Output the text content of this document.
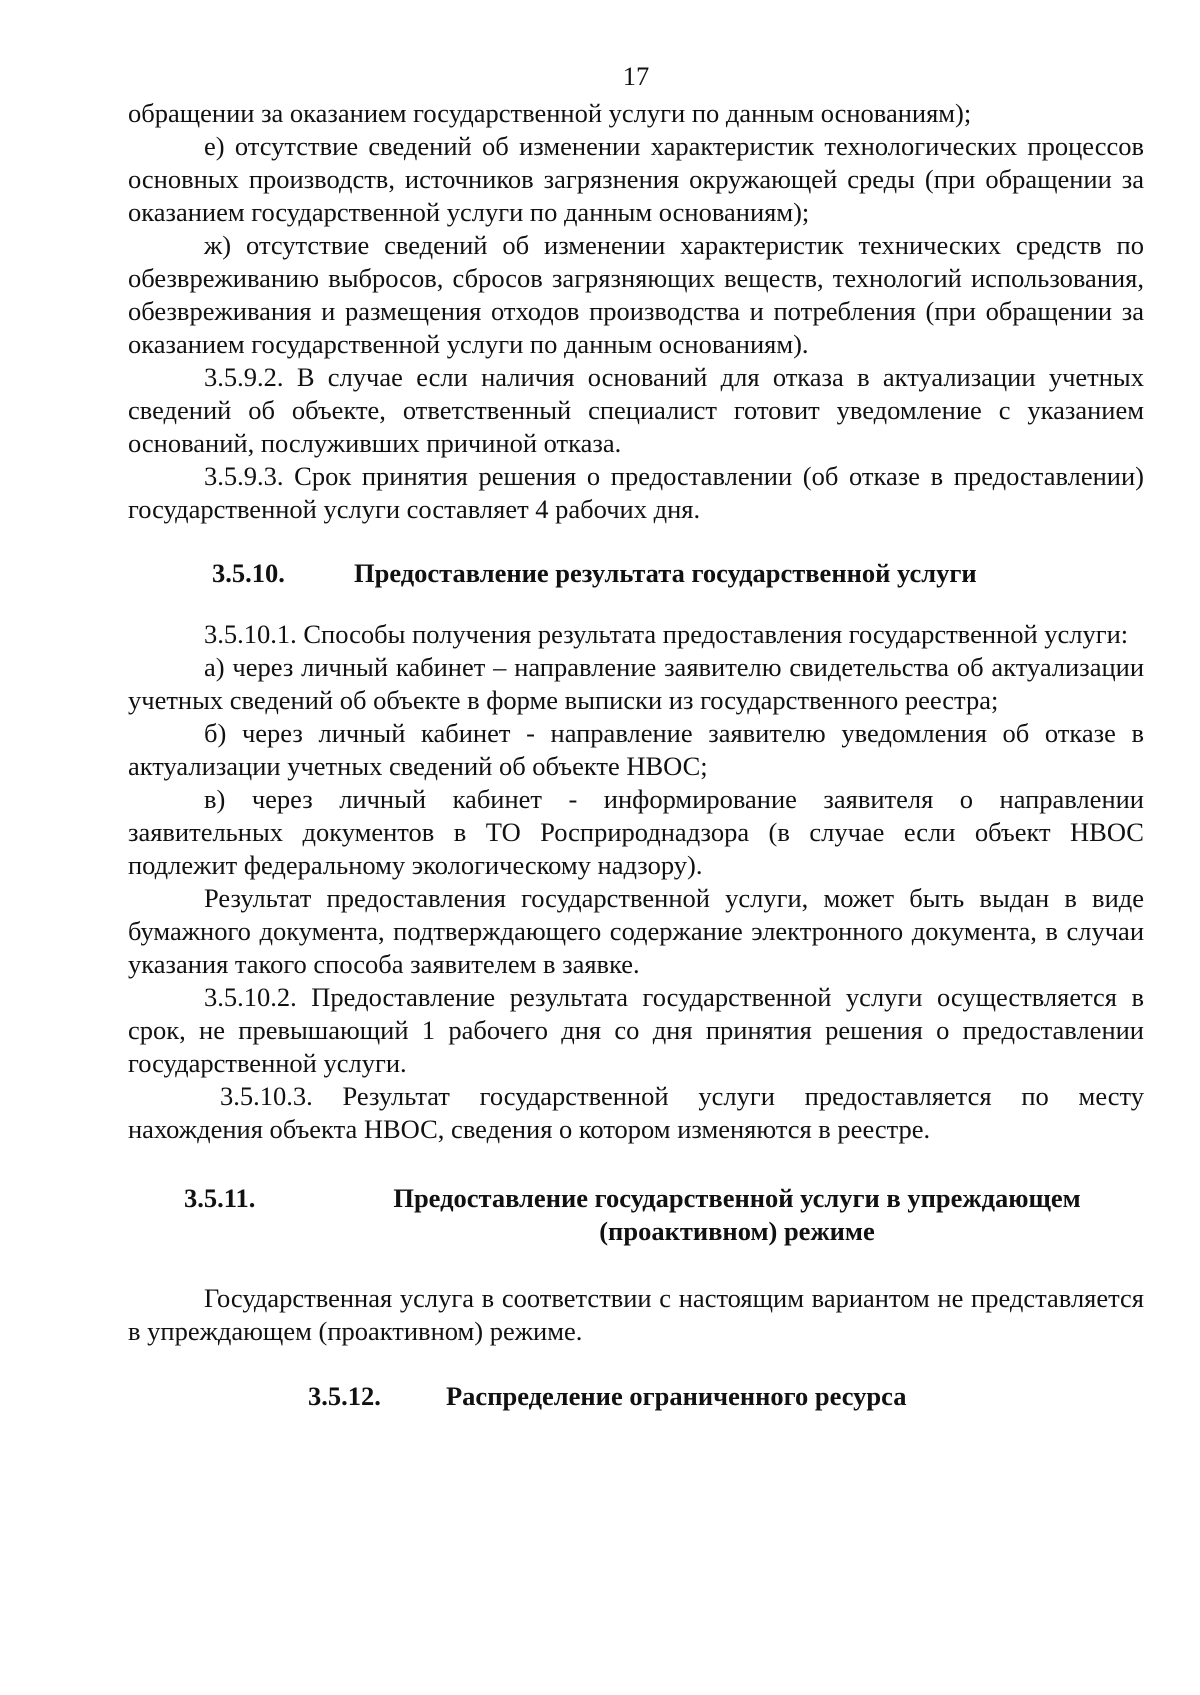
17

обращении за оказанием государственной услуги по данным основаниям);

е) отсутствие сведений об изменении характеристик технологических процессов основных производств, источников загрязнения окружающей среды (при обращении за оказанием государственной услуги по данным основаниям);

ж) отсутствие сведений об изменении характеристик технических средств по обезвреживанию выбросов, сбросов загрязняющих веществ, технологий использования, обезвреживания и размещения отходов производства и потребления (при обращении за оказанием государственной услуги по данным основаниям).

3.5.9.2. В случае если наличия оснований для отказа в актуализации учетных сведений об объекте, ответственный специалист готовит уведомление с указанием оснований, послуживших причиной отказа.

3.5.9.3. Срок принятия решения о предоставлении (об отказе в предоставлении) государственной услуги составляет 4 рабочих дня.

3.5.10.	Предоставление результата государственной услуги

3.5.10.1. Способы получения результата предоставления государственной услуги:

а) через личный кабинет – направление заявителю свидетельства об актуализации учетных сведений об объекте в форме выписки из государственного реестра;

б) через личный кабинет - направление заявителю уведомления об отказе в актуализации учетных сведений об объекте НВОС;

в) через личный кабинет - информирование заявителя о направлении заявительных документов в ТО Росприроднадзора (в случае если объект НВОС подлежит федеральному экологическому надзору).

Результат предоставления государственной услуги, может быть выдан в виде бумажного документа, подтверждающего содержание электронного документа, в случаи указания такого способа заявителем в заявке.

3.5.10.2. Предоставление результата государственной услуги осуществляется в срок, не превышающий 1 рабочего дня со дня принятия решения о предоставлении государственной услуги.

3.5.10.3. Результат государственной услуги предоставляется по месту нахождения объекта НВОС, сведения о котором изменяются в реестре.

3.5.11.	Предоставление государственной услуги в упреждающем (проактивном) режиме

Государственная услуга в соответствии с настоящим вариантом не представляется в упреждающем (проактивном) режиме.

3.5.12.	Распределение ограниченного ресурса
